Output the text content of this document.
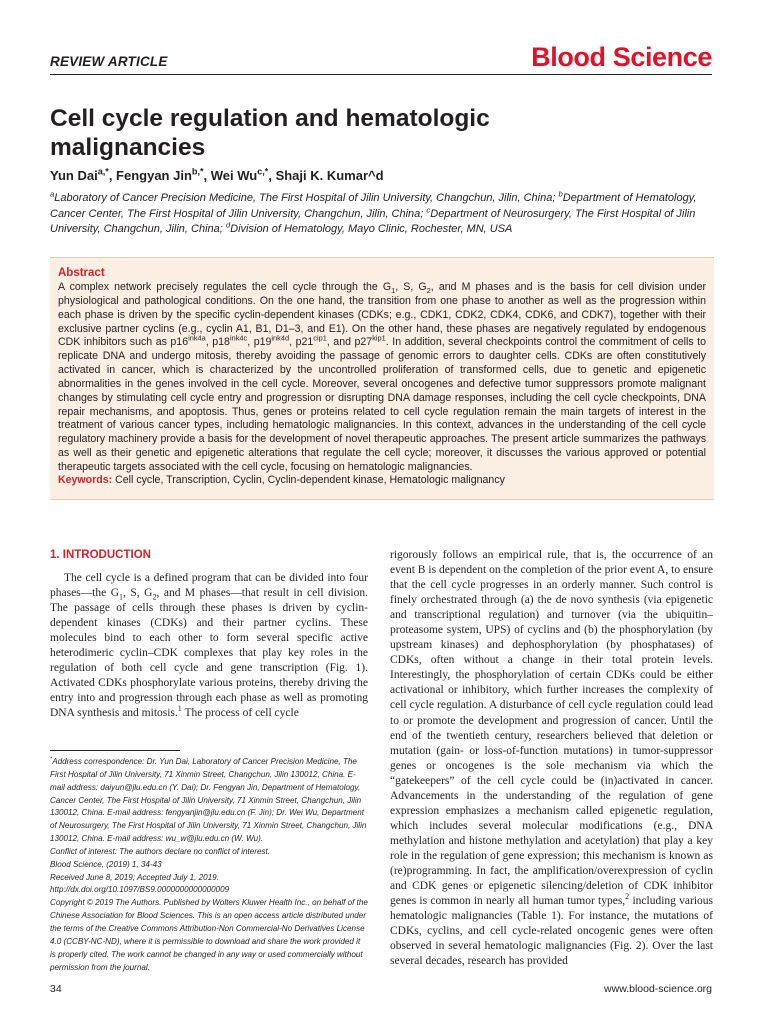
REVIEW ARTICLE	Blood Science
Cell cycle regulation and hematologic malignancies
Yun Dai$^{a,*}$, Fengyan Jin$^{b,*}$, Wei $Wu^{c,*}$, Shaji K. Kumar^d
$^a$Laboratory of Cancer Precision Medicine, The First Hospital of Jilin University, Changchun, Jilin, China; $^b$Department of Hematology, Cancer Center, The First Hospital of Jilin University, Changchun, Jilin, China; $^c$Department of Neurosurgery, The First Hospital of Jilin University, Changchun, Jilin, China; $^d$Division of Hematology, Mayo Clinic, Rochester, MN, USA
Abstract
A complex network precisely regulates the cell cycle through the $G_1$, S, $G_2$, and M phases and is the basis for cell division under physiological and pathological conditions. On the one hand, the transition from one phase to another as well as the progression within each phase is driven by the specific cyclin-dependent kinases (CDKs; e.g., CDK1, CDK2, CDK4, CDK6, and CDK7), together with their exclusive partner cyclins (e.g., cyclin A1, B1, D1–3, and E1). On the other hand, these phases are negatively regulated by endogenous CDK inhibitors such as $p16^{ink4a}$, $p18^{ink4c}$, $p19^{ink4d}$, $p21^{cip1}$, and $p27^{kip1}$. In addition, several checkpoints control the commitment of cells to replicate DNA and undergo mitosis, thereby avoiding the passage of genomic errors to daughter cells. CDKs are often constitutively activated in cancer, which is characterized by the uncontrolled proliferation of transformed cells, due to genetic and epigenetic abnormalities in the genes involved in the cell cycle. Moreover, several oncogenes and defective tumor suppressors promote malignant changes by stimulating cell cycle entry and progression or disrupting DNA damage responses, including the cell cycle checkpoints, DNA repair mechanisms, and apoptosis. Thus, genes or proteins related to cell cycle regulation remain the main targets of interest in the treatment of various cancer types, including hematologic malignancies. In this context, advances in the understanding of the cell cycle regulatory machinery provide a basis for the development of novel therapeutic approaches. The present article summarizes the pathways as well as their genetic and epigenetic alterations that regulate the cell cycle; moreover, it discusses the various approved or potential therapeutic targets associated with the cell cycle, focusing on hematologic malignancies.
Keywords: Cell cycle, Transcription, Cyclin, Cyclin-dependent kinase, Hematologic malignancy
1. INTRODUCTION
The cell cycle is a defined program that can be divided into four phases—the $G_1$, S, $G_2$, and M phases—that result in cell division. The passage of cells through these phases is driven by cyclin-dependent kinases (CDKs) and their partner cyclins. These molecules bind to each other to form several specific active heterodimeric cyclin–CDK complexes that play key roles in the regulation of both cell cycle and gene transcription (Fig. 1). Activated CDKs phosphorylate various proteins, thereby driving the entry into and progression through each phase as well as promoting DNA synthesis and mitosis.$^1$ The process of cell cycle
rigorously follows an empirical rule, that is, the occurrence of an event B is dependent on the completion of the prior event A, to ensure that the cell cycle progresses in an orderly manner. Such control is finely orchestrated through (a) the de novo synthesis (via epigenetic and transcriptional regulation) and turnover (via the ubiquitin–proteasome system, UPS) of cyclins and (b) the phosphorylation (by upstream kinases) and dephosphorylation (by phosphatases) of CDKs, often without a change in their total protein levels. Interestingly, the phosphorylation of certain CDKs could be either activational or inhibitory, which further increases the complexity of cell cycle regulation. A disturbance of cell cycle regulation could lead to or promote the development and progression of cancer. Until the end of the twentieth century, researchers believed that deletion or mutation (gain- or loss-of-function mutations) in tumor-suppressor genes or oncogenes is the sole mechanism via which the “gatekeepers” of the cell cycle could be (in)activated in cancer. Advancements in the understanding of the regulation of gene expression emphasizes a mechanism called epigenetic regulation, which includes several molecular modifications (e.g., DNA methylation and histone methylation and acetylation) that play a key role in the regulation of gene expression; this mechanism is known as (re)programming. In fact, the amplification/overexpression of cyclin and CDK genes or epigenetic silencing/deletion of CDK inhibitor genes is common in nearly all human tumor types,$^2$ including various hematologic malignancies (Table 1). For instance, the mutations of CDKs, cyclins, and cell cycle-related oncogenic genes were often observed in several hematologic malignancies (Fig. 2). Over the last several decades, research has provided

*Address correspondence: Dr. Yun Dai, Laboratory of Cancer Precision Medicine, The First Hospital of Jilin University, 71 Xinmin Street, Changchun, Jilin 130012, China. E-mail address: daiyun@jlu.edu.cn (Y. Dai); Dr. Fengyan Jin, Department of Hematology, Cancer Center, The First Hospital of Jilin University, 71 Xinmin Street, Changchun, Jilin 130012, China. E-mail address: fengyanjin@jlu.edu.cn (F. Jin); Dr. Wei Wu, Department of Neurosurgery, The First Hospital of Jilin University, 71 Xinmin Street, Changchun, Jilin 130012, China. E-mail address: wu_w@jlu.edu.cn (W. Wu).

Conflict of interest: The authors declare no conflict of interest.

Blood Science, (2019) 1, 34-43

Received June 8, 2019; Accepted July 1, 2019.

http://dx.doi.org/10.1097/BS9.0000000000000009

Copyright © 2019 The Authors. Published by Wolters Kluwer Health Inc., on behalf of the Chinese Association for Blood Sciences. This is an open access article distributed under the terms of the Creative Commons Attribution-Non Commercial-No Derivatives License 4.0 (CCBY-NC-ND), where it is permissible to download and share the work provided it is properly cited. The work cannot be changed in any way or used commercially without permission from the journal.

34	www.blood-science.org
